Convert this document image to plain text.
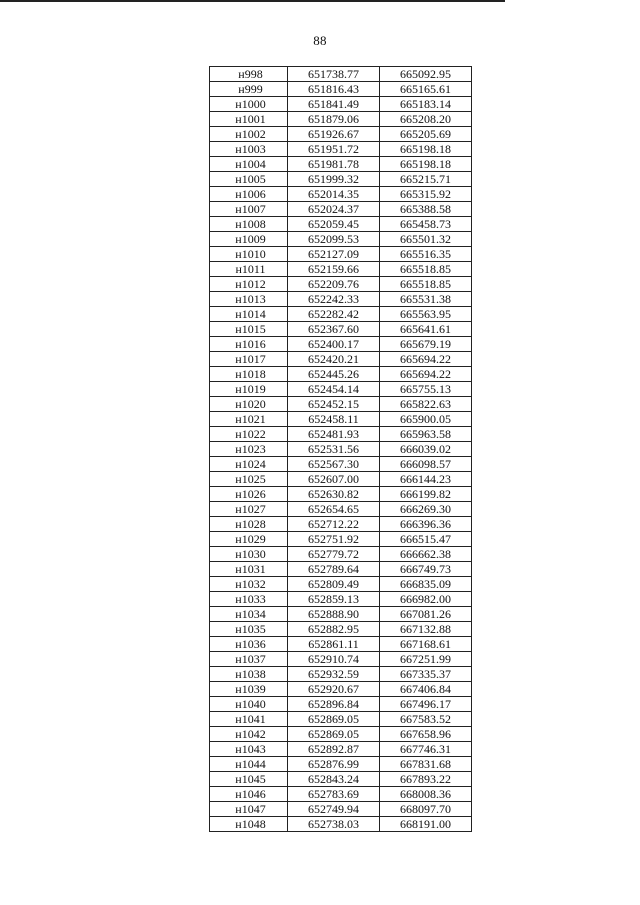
88
н998	651738.77	665092.95
н999	651816.43	665165.61
н1000	651841.49	665183.14
н1001	651879.06	665208.20
н1002	651926.67	665205.69
н1003	651951.72	665198.18
н1004	651981.78	665198.18
н1005	651999.32	665215.71
н1006	652014.35	665315.92
н1007	652024.37	665388.58
н1008	652059.45	665458.73
н1009	652099.53	665501.32
н1010	652127.09	665516.35
н1011	652159.66	665518.85
н1012	652209.76	665518.85
н1013	652242.33	665531.38
н1014	652282.42	665563.95
н1015	652367.60	665641.61
н1016	652400.17	665679.19
н1017	652420.21	665694.22
н1018	652445.26	665694.22
н1019	652454.14	665755.13
н1020	652452.15	665822.63
н1021	652458.11	665900.05
н1022	652481.93	665963.58
н1023	652531.56	666039.02
н1024	652567.30	666098.57
н1025	652607.00	666144.23
н1026	652630.82	666199.82
н1027	652654.65	666269.30
н1028	652712.22	666396.36
н1029	652751.92	666515.47
н1030	652779.72	666662.38
н1031	652789.64	666749.73
н1032	652809.49	666835.09
н1033	652859.13	666982.00
н1034	652888.90	667081.26
н1035	652882.95	667132.88
н1036	652861.11	667168.61
н1037	652910.74	667251.99
н1038	652932.59	667335.37
н1039	652920.67	667406.84
н1040	652896.84	667496.17
н1041	652869.05	667583.52
н1042	652869.05	667658.96
н1043	652892.87	667746.31
н1044	652876.99	667831.68
н1045	652843.24	667893.22
н1046	652783.69	668008.36
н1047	652749.94	668097.70
н1048	652738.03	668191.00
